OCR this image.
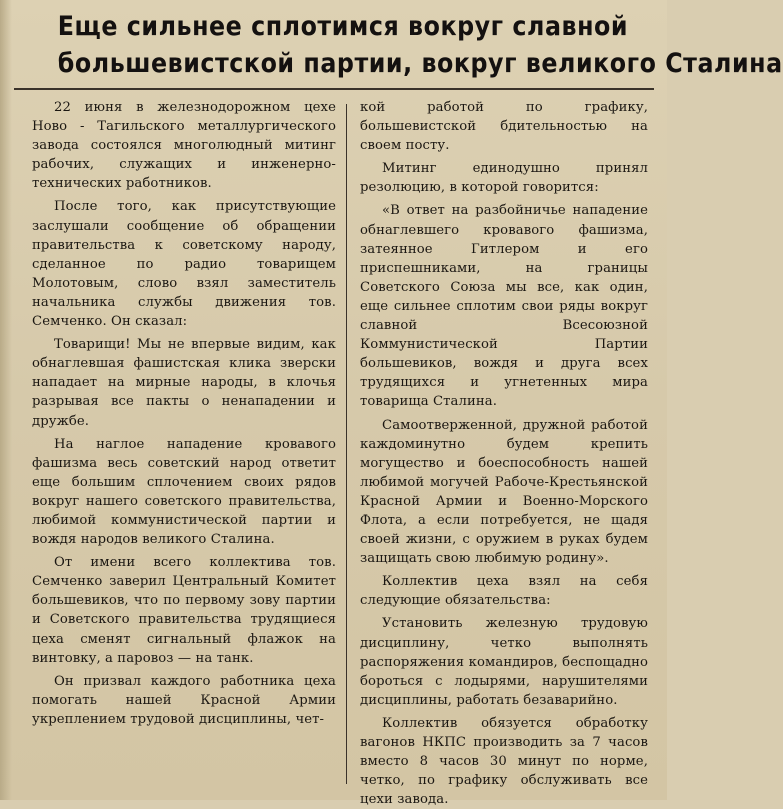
Еще сильнее сплотимся вокруг славной
большевистской партии, вокруг великого Сталина

22 июня в железнодорожном цехе Ново - Тагильского металлургического завода состоялся многолюдный митинг рабочих, служащих и инженерно-технических работников.

После того, как присутствующие заслушали сообщение об обращении правительства к советскому народу, сделанное по радио товарищем Молотовым, слово взял заместитель начальника службы движения тов. Семченко. Он сказал:

Товарищи! Мы не впервые видим, как обнаглевшая фашистская клика зверски нападает на мирные народы, в клочья разрывая все пакты о ненападении и дружбе.

На наглое нападение кровавого фашизма весь советский народ ответит еще большим сплочением своих рядов вокруг нашего советского правительства, любимой коммунистической партии и вождя народов великого Сталина.

От имени всего коллектива тов. Семченко заверил Центральный Комитет большевиков, что по первому зову партии и Советского правительства трудящиеся цеха сменят сигнальный флажок на винтовку, а паровоз — на танк.

Он призвал каждого работника цеха помогать нашей Красной Армии укреплением трудовой дисциплины, чет-

кой работой по графику, большевистской бдительностью на своем посту.

Митинг единодушно принял резолюцию, в которой говорится:

«В ответ на разбойничье нападение обнаглевшего кровавого фашизма, затеянное Гитлером и его приспешниками, на границы Советского Союза мы все, как один, еще сильнее сплотим свои ряды вокруг славной Всесоюзной Коммунистической Партии большевиков, вождя и друга всех трудящихся и угнетенных мира товарища Сталина.

Самоотверженной, дружной работой каждоминутно будем крепить могущество и боеспособность нашей любимой могучей Рабоче-Крестьянской Красной Армии и Военно-Морского Флота, а если потребуется, не щадя своей жизни, с оружием в руках будем защищать свою любимую родину».

Коллектив цеха взял на себя следующие обязательства:

Установить железную трудовую дисциплину, четко выполнять распоряжения командиров, беспощадно бороться с лодырями, нарушителями дисциплины, работать безаварийно.

Коллектив обязуется обработку вагонов НКПС производить за 7 часов вместо 8 часов 30 минут по норме, четко, по графику обслуживать все цехи завода.
